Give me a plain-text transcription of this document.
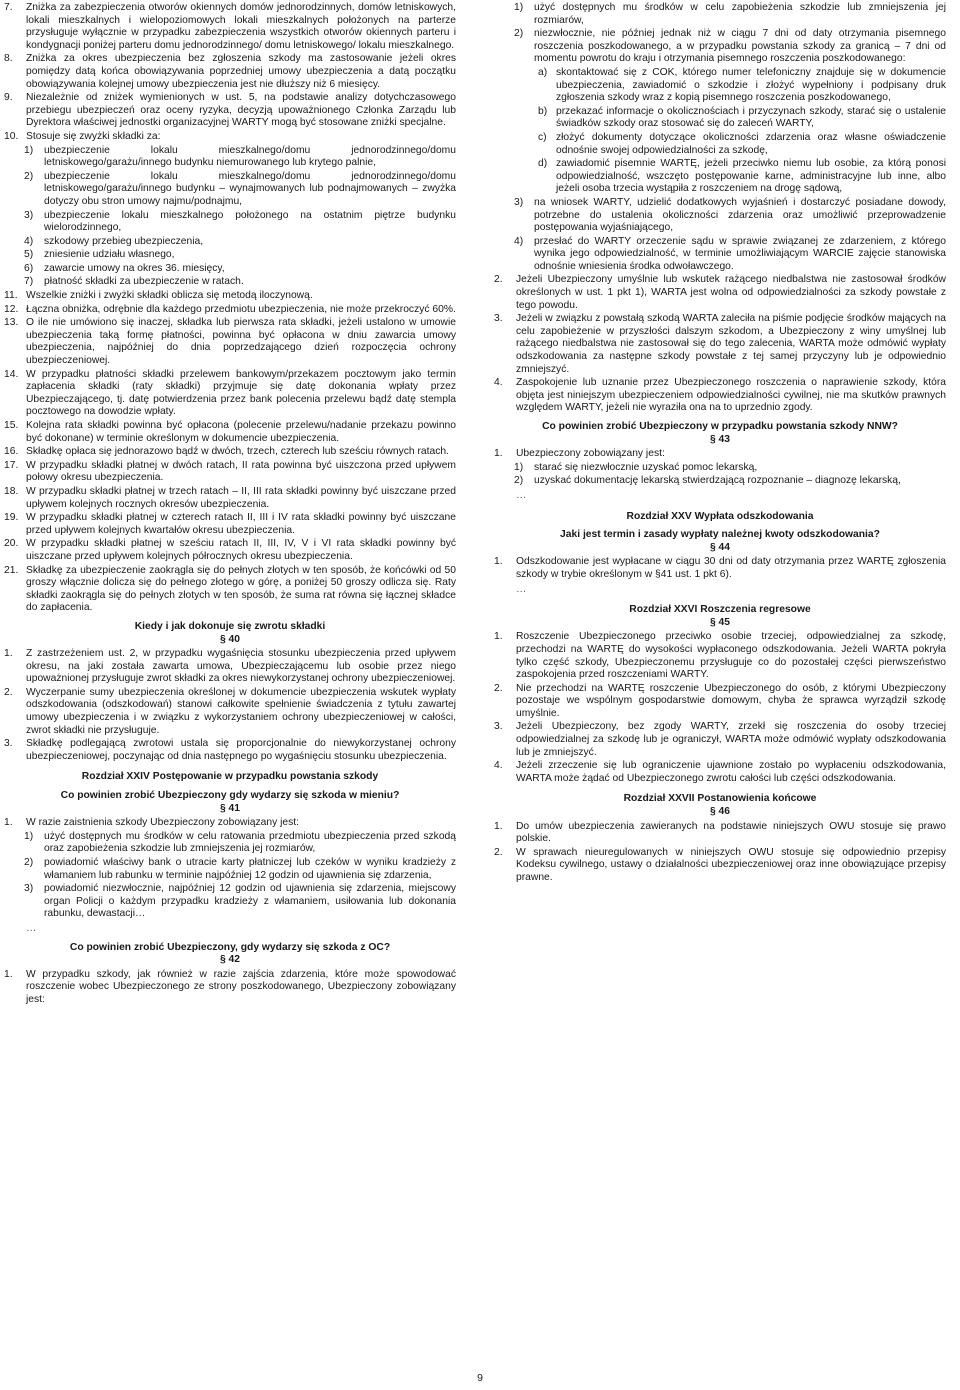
7.	Zniżka za zabezpieczenia otworów okiennych domów jednorodzinnych, domów letniskowych, lokali mieszkalnych i wielopoziomowych lokali mieszkalnych położonych na parterze przysługuje wyłącznie w przypadku zabezpieczenia wszystkich otworów okiennych parteru i kondygnacji poniżej parteru domu jednorodzinnego/ domu letniskowego/ lokalu mieszkalnego.
8.	Zniżka za okres ubezpieczenia bez zgłoszenia szkody ma zastosowanie jeżeli okres pomiędzy datą końca obowiązywania poprzedniej umowy ubezpieczenia a datą początku obowiązywania kolejnej umowy ubezpieczenia jest nie dłuższy niż 6 miesięcy.
9.	Niezależnie od zniżek wymienionych w ust. 5, na podstawie analizy dotychczasowego przebiegu ubezpieczeń oraz oceny ryzyka, decyzją upoważnionego Członka Zarządu lub Dyrektora właściwej jednostki organizacyjnej WARTY mogą być stosowane zniżki specjalne.
10. Stosuje się zwyżki składki za:
1)	ubezpieczenie lokalu mieszkalnego/domu jednorodzinnego/domu letniskowego/garażu/innego budynku niemurowanego lub krytego palnie,
2)	ubezpieczenie lokalu mieszkalnego/domu jednorodzinnego/domu letniskowego/garażu/innego budynku – wynajmowanych lub podnajmowanych – zwyżka dotyczy obu stron umowy najmu/podnajmu,
3)	ubezpieczenie lokalu mieszkalnego położonego na ostatnim piętrze budynku wielorodzinnego,
4)	szkodowy przebieg ubezpieczenia,
5)	zniesienie udziału własnego,
6)	zawarcie umowy na okres 36. miesięcy,
7)	płatność składki za ubezpieczenie w ratach.
11. Wszelkie zniżki i zwyżki składki oblicza się metodą iloczynową.
12. Łączna obniżka, odrębnie dla każdego przedmiotu ubezpieczenia, nie może przekroczyć 60%.
13. O ile nie umówiono się inaczej, składka lub pierwsza rata składki, jeżeli ustalono w umowie ubezpieczenia taką formę płatności, powinna być opłacona w dniu zawarcia umowy ubezpieczenia, najpóźniej do dnia poprzedzającego dzień rozpoczęcia ochrony ubezpieczeniowej.
14. W przypadku płatności składki przelewem bankowym/przekazem pocztowym jako termin zapłacenia składki (raty składki) przyjmuje się datę dokonania wpłaty przez Ubezpieczającego, tj. datę potwierdzenia przez bank polecenia przelewu bądź datę stempla pocztowego na dowodzie wpłaty.
15. Kolejna rata składki powinna być opłacona (polecenie przelewu/nadanie przekazu powinno być dokonane) w terminie określonym w dokumencie ubezpieczenia.
16. Składkę opłaca się jednorazowo bądź w dwóch, trzech, czterech lub sześciu równych ratach.
17. W przypadku składki płatnej w dwóch ratach, II rata powinna być uiszczona przed upływem połowy okresu ubezpieczenia.
18. W przypadku składki płatnej w trzech ratach – II, III rata składki powinny być uiszczane przed upływem kolejnych rocznych okresów ubezpieczenia.
19. W przypadku składki płatnej w czterech ratach II, III i IV rata składki powinny być uiszczane przed upływem kolejnych kwartałów okresu ubezpieczenia.
20. W przypadku składki płatnej w sześciu ratach II, III, IV, V i VI rata składki powinny być uiszczane przed upływem kolejnych półrocznych okresu ubezpieczenia.
21. Składkę za ubezpieczenie zaokrągla się do pełnych złotych w ten sposób, że końcówki od 50 groszy włącznie dolicza się do pełnego złotego w górę, a poniżej 50 groszy odlicza się. Raty składki zaokrągla się do pełnych złotych w ten sposób, że suma rat równa się łącznej składce do zapłacenia.
Kiedy i jak dokonuje się zwrotu składki
§ 40
1.	Z zastrzeżeniem ust. 2, w przypadku wygaśnięcia stosunku ubezpieczenia przed upływem okresu, na jaki została zawarta umowa, Ubezpieczającemu lub osobie przez niego upoważnionej przysługuje zwrot składki za okres niewykorzystanej ochrony ubezpieczeniowej.
2.	Wyczerpanie sumy ubezpieczenia określonej w dokumencie ubezpieczenia wskutek wypłaty odszkodowania (odszkodowań) stanowi całkowite spełnienie świadczenia z tytułu zawartej umowy ubezpieczenia i w związku z wykorzystaniem ochrony ubezpieczeniowej w całości, zwrot składki nie przysługuje.
3.	Składkę podlegającą zwrotowi ustala się proporcjonalnie do niewykorzystanej ochrony ubezpieczeniowej, poczynając od dnia następnego po wygaśnięciu stosunku ubezpieczenia.
Rozdział XXIV Postępowanie w przypadku powstania szkody
Co powinien zrobić Ubezpieczony gdy wydarzy się szkoda w mieniu?
§ 41
1.	W razie zaistnienia szkody Ubezpieczony zobowiązany jest:
1)	użyć dostępnych mu środków w celu ratowania przedmiotu ubezpieczenia przed szkodą oraz zapobieżenia szkodzie lub zmniejszenia jej rozmiarów,
2)	powiadomić właściwy bank o utracie karty płatniczej lub czeków w wyniku kradzieży z włamaniem lub rabunku w terminie najpóźniej 12 godzin od ujawnienia się zdarzenia,
3)	powiadomić niezwłocznie, najpóźniej 12 godzin od ujawnienia się zdarzenia, miejscowy organ Policji o każdym przypadku kradzieży z włamaniem, usiłowania lub dokonania rabunku, dewastacji…
…
Co powinien zrobić Ubezpieczony, gdy wydarzy się szkoda z OC?
§ 42
1.	W przypadku szkody, jak również w razie zajścia zdarzenia, które może spowodować roszczenie wobec Ubezpieczonego ze strony poszkodowanego, Ubezpieczony zobowiązany jest:
1)	użyć dostępnych mu środków w celu zapobieżenia szkodzie lub zmniejszenia jej rozmiarów,
2)	niezwłocznie, nie później jednak niż w ciągu 7 dni od daty otrzymania pisemnego roszczenia poszkodowanego, a w przypadku powstania szkody za granicą – 7 dni od momentu powrotu do kraju i otrzymania pisemnego roszczenia poszkodowanego:
a) skontaktować się z COK, którego numer telefoniczny znajduje się w dokumencie ubezpieczenia, zawiadomić o szkodzie i złożyć wypełniony i podpisany druk zgłoszenia szkody wraz z kopią pisemnego roszczenia poszkodowanego,
b) przekazać informacje o okolicznościach i przyczynach szkody, starać się o ustalenie świadków szkody oraz stosować się do zaleceń WARTY,
c) złożyć dokumenty dotyczące okoliczności zdarzenia oraz własne oświadczenie odnośnie swojej odpowiedzialności za szkodę,
d) zawiadomić pisemnie WARTĘ, jeżeli przeciwko niemu lub osobie, za którą ponosi odpowiedzialność, wszczęto postępowanie karne, administracyjne lub inne, albo jeżeli osoba trzecia wystąpiła z roszczeniem na drogę sądową,
3)	na wniosek WARTY, udzielić dodatkowych wyjaśnień i dostarczyć posiadane dowody, potrzebne do ustalenia okoliczności zdarzenia oraz umożliwić przeprowadzenie postępowania wyjaśniającego,
4)	przesłać do WARTY orzeczenie sądu w sprawie związanej ze zdarzeniem, z którego wynika jego odpowiedzialność, w terminie umożliwiającym WARCIE zajęcie stanowiska odnośnie wniesienia środka odwoławczego.
2.	Jeżeli Ubezpieczony umyślnie lub wskutek rażącego niedbalstwa nie zastosował środków określonych w ust. 1 pkt 1), WARTA jest wolna od odpowiedzialności za szkody powstałe z tego powodu.
3.	Jeżeli w związku z powstałą szkodą WARTA zaleciła na piśmie podjęcie środków mających na celu zapobieżenie w przyszłości dalszym szkodom, a Ubezpieczony z winy umyślnej lub rażącego niedbalstwa nie zastosował się do tego zalecenia, WARTA może odmówić wypłaty odszkodowania za następne szkody powstałe z tej samej przyczyny lub je odpowiednio zmniejszyć.
4.	Zaspokojenie lub uznanie przez Ubezpieczonego roszczenia o naprawienie szkody, która objęta jest niniejszym ubezpieczeniem odpowiedzialności cywilnej, nie ma skutków prawnych względem WARTY, jeżeli nie wyraziła ona na to uprzednio zgody.
Co powinien zrobić Ubezpieczony w przypadku powstania szkody NNW?
§ 43
1.	Ubezpieczony zobowiązany jest:
1)	starać się niezwłocznie uzyskać pomoc lekarską,
2)	uzyskać dokumentację lekarską stwierdzającą rozpoznanie – diagnozę lekarską,
…
Rozdział XXV Wypłata odszkodowania
Jaki jest termin i zasady wypłaty należnej kwoty odszkodowania?
§ 44
1.	Odszkodowanie jest wypłacane w ciągu 30 dni od daty otrzymania przez WARTĘ zgłoszenia szkody w trybie określonym w §41 ust. 1 pkt 6).
…
Rozdział XXVI Roszczenia regresowe
§ 45
1.	Roszczenie Ubezpieczonego przeciwko osobie trzeciej, odpowiedzialnej za szkodę, przechodzi na WARTĘ do wysokości wypłaconego odszkodowania. Jeżeli WARTA pokryła tylko część szkody, Ubezpieczonemu przysługuje co do pozostałej części pierwszeństwo zaspokojenia przed roszczeniami WARTY.
2.	Nie przechodzi na WARTĘ roszczenie Ubezpieczonego do osób, z którymi Ubezpieczony pozostaje we wspólnym gospodarstwie domowym, chyba że sprawca wyrządził szkodę umyślnie.
3.	Jeżeli Ubezpieczony, bez zgody WARTY, zrzekł się roszczenia do osoby trzeciej odpowiedzialnej za szkodę lub je ograniczył, WARTA może odmówić wypłaty odszkodowania lub je zmniejszyć.
4.	Jeżeli zrzeczenie się lub ograniczenie ujawnione zostało po wypłaceniu odszkodowania, WARTA może żądać od Ubezpieczonego zwrotu całości lub części odszkodowania.
Rozdział XXVII Postanowienia końcowe
§ 46
1.	Do umów ubezpieczenia zawieranych na podstawie niniejszych OWU stosuje się prawo polskie.
2.	W sprawach nieuregulowanych w niniejszych OWU stosuje się odpowiednio przepisy Kodeksu cywilnego, ustawy o działalności ubezpieczeniowej oraz inne obowiązujące przepisy prawne.
9
